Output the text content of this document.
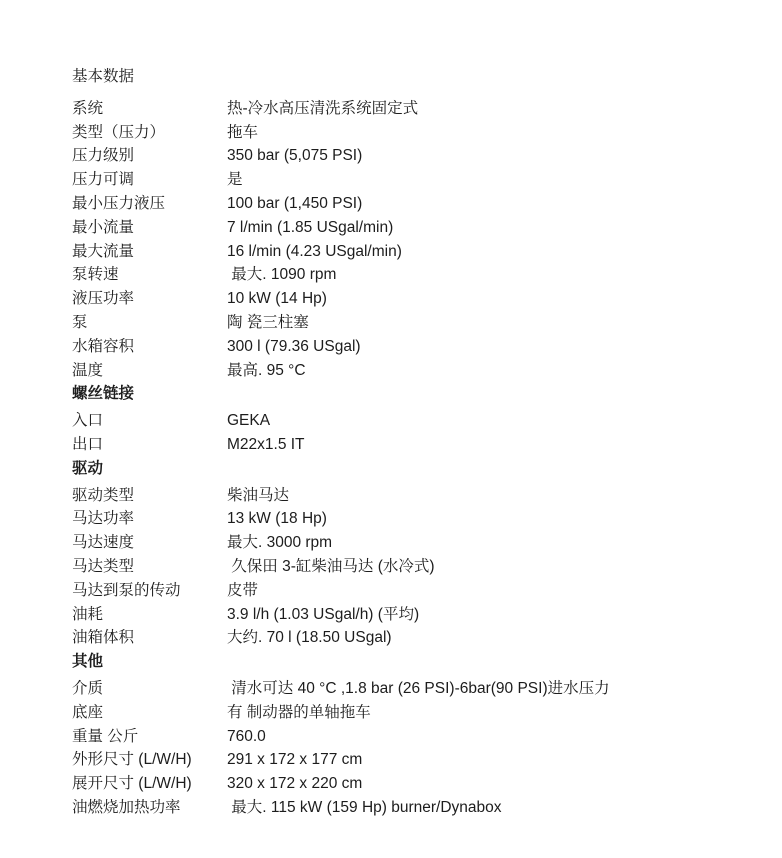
基本数据
系统	热-冷水高压清洗系统固定式
类型（压力）	拖车
压力级别	350 bar (5,075 PSI)
压力可调	是
最小压力液压	100 bar (1,450 PSI)
最小流量	7 l/min (1.85 USgal/min)
最大流量	16 l/min (4.23 USgal/min)
泵转速	最大. 1090 rpm
液压功率	10 kW (14 Hp)
泵	陶 瓷三柱塞
水箱容积	300 l (79.36 USgal)
温度	最高. 95 °C
螺丝链接
入口	GEKA
出口	M22x1.5 IT
驱动
驱动类型	柴油马达
马达功率	13 kW (18 Hp)
马达速度	最大. 3000 rpm
马达类型	久保田 3-缸柴油马达 (水冷式)
马达到泵的传动	皮带
油耗	3.9 l/h (1.03 USgal/h) (平均)
油箱体积	大约. 70 l (18.50 USgal)
其他
介质	清水可达 40 °C ,1.8 bar (26 PSI)-6bar(90 PSI)进水压力
底座	有 制动器的单轴拖车
重量 公斤	760.0
外形尺寸 (L/W/H)	291 x 172 x 177 cm
展开尺寸 (L/W/H)	320 x 172 x 220 cm
油燃烧加热功率	最大. 115 kW (159 Hp) burner/Dynabox
